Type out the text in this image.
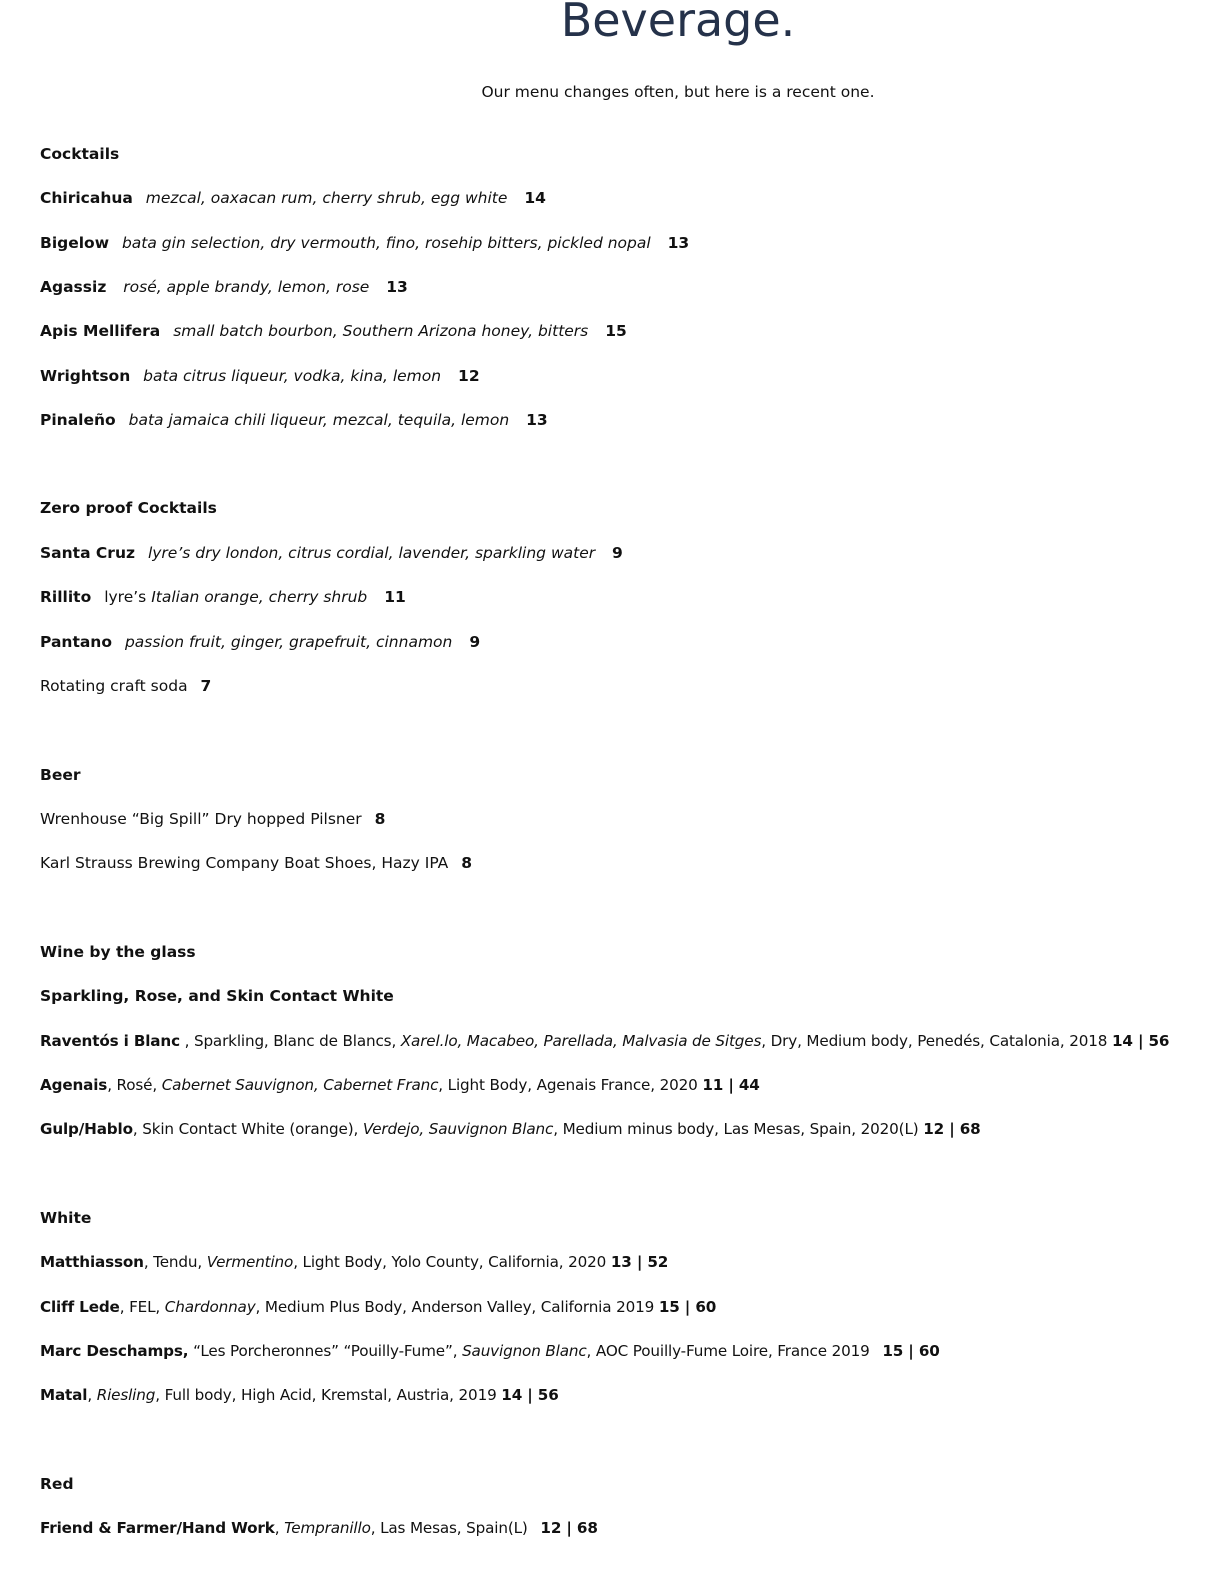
Beverage.

Our menu changes often, but here is a recent one.

Cocktails
Chiricahua mezcal, oaxacan rum, cherry shrub, egg white 14
Bigelow bata gin selection, dry vermouth, fino, rosehip bitters, pickled nopal 13
Agassiz rosé, apple brandy, lemon, rose 13
Apis Mellifera small batch bourbon, Southern Arizona honey, bitters 15
Wrightson bata citrus liqueur, vodka, kina, lemon 12
Pinaleño bata jamaica chili liqueur, mezcal, tequila, lemon 13
Zero proof Cocktails
Santa Cruz lyre’s dry london, citrus cordial, lavender, sparkling water 9
Rillito lyre’s Italian orange, cherry shrub 11
Pantano passion fruit, ginger, grapefruit, cinnamon 9
Rotating craft soda 7
Beer
Wrenhouse “Big Spill” Dry hopped Pilsner 8
Karl Strauss Brewing Company Boat Shoes, Hazy IPA 8
Wine by the glass
Sparkling, Rose, and Skin Contact White
Raventós i Blanc , Sparkling, Blanc de Blancs, Xarel.lo, Macabeo, Parellada, Malvasia de Sitges, Dry, Medium body, Penedés, Catalonia, 2018 14 | 56
Agenais, Rosé, Cabernet Sauvignon, Cabernet Franc, Light Body, Agenais France, 2020 11 | 44
Gulp/Hablo, Skin Contact White (orange), Verdejo, Sauvignon Blanc, Medium minus body, Las Mesas, Spain, 2020(L) 12 | 68
White
Matthiasson, Tendu, Vermentino, Light Body, Yolo County, California, 2020 13 | 52
Cliff Lede, FEL, Chardonnay, Medium Plus Body, Anderson Valley, California 2019 15 | 60
Marc Deschamps, “Les Porcheronnes” “Pouilly-Fume”, Sauvignon Blanc, AOC Pouilly-Fume Loire, France 2019 15 | 60
Matal, Riesling, Full body, High Acid, Kremstal, Austria, 2019 14 | 56
Red
Friend & Farmer/Hand Work, Tempranillo, Las Mesas, Spain(L) 12 | 68
